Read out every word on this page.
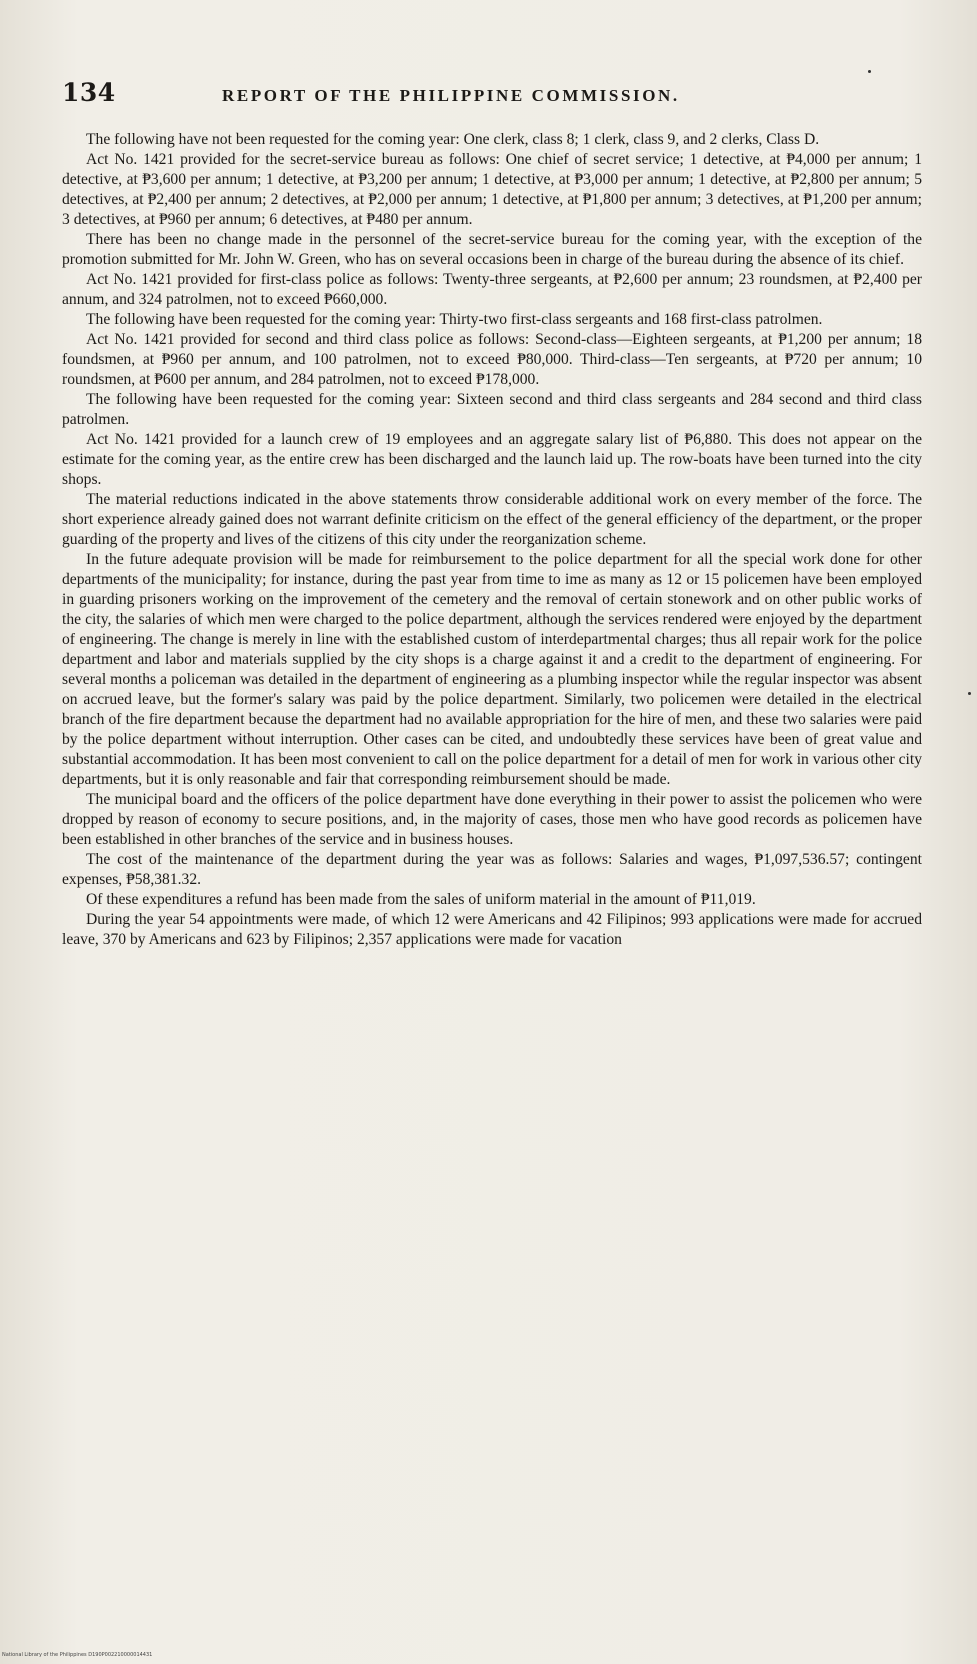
134	REPORT OF THE PHILIPPINE COMMISSION.

The following have not been requested for the coming year: One clerk, class 8; 1 clerk, class 9, and 2 clerks, Class D.

Act No. 1421 provided for the secret-service bureau as follows: One chief of secret service; 1 detective, at ₱4,000 per annum; 1 detective, at ₱3,600 per annum; 1 detective, at ₱3,200 per annum; 1 detective, at ₱3,000 per annum; 1 detective, at ₱2,800 per annum; 5 detectives, at ₱2,400 per annum; 2 detectives, at ₱2,000 per annum; 1 detective, at ₱1,800 per annum; 3 detectives, at ₱1,200 per annum; 3 detectives, at ₱960 per annum; 6 detectives, at ₱480 per annum.

There has been no change made in the personnel of the secret-service bureau for the coming year, with the exception of the promotion submitted for Mr. John W. Green, who has on several occasions been in charge of the bureau during the absence of its chief.

Act No. 1421 provided for first-class police as follows: Twenty-three sergeants, at ₱2,600 per annum; 23 roundsmen, at ₱2,400 per annum, and 324 patrolmen, not to exceed ₱660,000.

The following have been requested for the coming year: Thirty-two first-class sergeants and 168 first-class patrolmen.

Act No. 1421 provided for second and third class police as follows: Second-class—Eighteen sergeants, at ₱1,200 per annum; 18 foundsmen, at ₱960 per annum, and 100 patrolmen, not to exceed ₱80,000. Third-class—Ten sergeants, at ₱720 per annum; 10 roundsmen, at ₱600 per annum, and 284 patrolmen, not to exceed ₱178,000.

The following have been requested for the coming year: Sixteen second and third class sergeants and 284 second and third class patrolmen.

Act No. 1421 provided for a launch crew of 19 employees and an aggregate salary list of ₱6,880. This does not appear on the estimate for the coming year, as the entire crew has been discharged and the launch laid up. The row-boats have been turned into the city shops.

The material reductions indicated in the above statements throw considerable additional work on every member of the force. The short experience already gained does not warrant definite criticism on the effect of the general efficiency of the department, or the proper guarding of the property and lives of the citizens of this city under the reorganization scheme.

In the future adequate provision will be made for reimbursement to the police department for all the special work done for other departments of the municipality; for instance, during the past year from time to ime as many as 12 or 15 policemen have been employed in guarding prisoners working on the improvement of the cemetery and the removal of certain stonework and on other public works of the city, the salaries of which men were charged to the police department, although the services rendered were enjoyed by the department of engineering. The change is merely in line with the established custom of interdepartmental charges; thus all repair work for the police department and labor and materials supplied by the city shops is a charge against it and a credit to the department of engineering. For several months a policeman was detailed in the department of engineering as a plumbing inspector while the regular inspector was absent on accrued leave, but the former's salary was paid by the police department. Similarly, two policemen were detailed in the electrical branch of the fire department because the department had no available appropriation for the hire of men, and these two salaries were paid by the police department without interruption. Other cases can be cited, and undoubtedly these services have been of great value and substantial accommodation. It has been most convenient to call on the police department for a detail of men for work in various other city departments, but it is only reasonable and fair that corresponding reimbursement should be made.

The municipal board and the officers of the police department have done everything in their power to assist the policemen who were dropped by reason of economy to secure positions, and, in the majority of cases, those men who have good records as policemen have been established in other branches of the service and in business houses.

The cost of the maintenance of the department during the year was as follows: Salaries and wages, ₱1,097,536.57; contingent expenses, ₱58,381.32.

Of these expenditures a refund has been made from the sales of uniform material in the amount of ₱11,019.

During the year 54 appointments were made, of which 12 were Americans and 42 Filipinos; 993 applications were made for accrued leave, 370 by Americans and 623 by Filipinos; 2,357 applications were made for vacation

National Library of the Philippines D190P002210000014431
